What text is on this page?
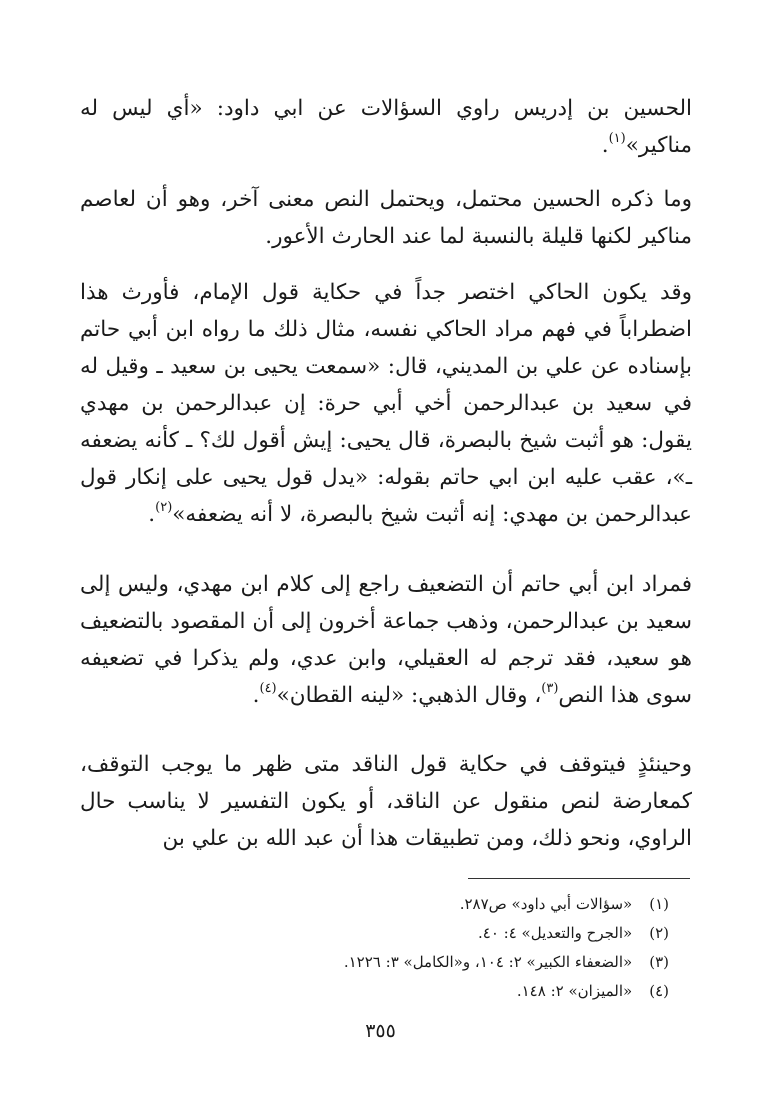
الحسين بن إدريس راوي السؤالات عن ابي داود: «أي ليس له مناكير»$^{(١)}$.

وما ذكره الحسين محتمل، ويحتمل النص معنى آخر، وهو أن لعاصم مناكير لكنها قليلة بالنسبة لما عند الحارث الأعور.

وقد يكون الحاكي اختصر جداً في حكاية قول الإمام، فأورث هذا اضطراباً في فهم مراد الحاكي نفسه، مثال ذلك ما رواه ابن أبي حاتم بإسناده عن علي بن المديني، قال: «سمعت يحيى بن سعيد ـ وقيل له في سعيد بن عبدالرحمن أخي أبي حرة: إن عبدالرحمن بن مهدي يقول: هو أثبت شيخ بالبصرة، قال يحيى: إيش أقول لك؟ ـ كأنه يضعفه ـ»، عقب عليه ابن ابي حاتم بقوله: «يدل قول يحيى على إنكار قول عبدالرحمن بن مهدي: إنه أثبت شيخ بالبصرة، لا أنه يضعفه»$^{(٢)}$.

فمراد ابن أبي حاتم أن التضعيف راجع إلى كلام ابن مهدي، وليس إلى سعيد بن عبدالرحمن، وذهب جماعة أخرون إلى أن المقصود بالتضعيف هو سعيد، فقد ترجم له العقيلي، وابن عدي، ولم يذكرا في تضعيفه سوى هذا النص$^{(٣)}$، وقال الذهبي: «لينه القطان»$^{(٤)}$.

وحينئذٍ فيتوقف في حكاية قول الناقد متى ظهر ما يوجب التوقف، كمعارضة لنص منقول عن الناقد، أو يكون التفسير لا يناسب حال الراوي، ونحو ذلك، ومن تطبيقات هذا أن عبد الله بن علي بن

(١) «سؤالات أبي داود» ص٢٨٧.
(٢) «الجرح والتعديل» ٤: ٤٠.
(٣) «الضعفاء الكبير» ٢: ١٠٤، و«الكامل» ٣: ١٢٢٦.
(٤) «الميزان» ٢: ١٤٨.
٣٥٥
